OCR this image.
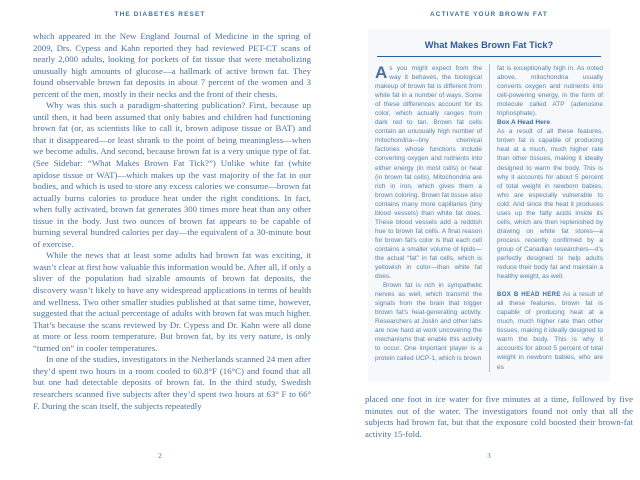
THE DIABETES RESET

which appeared in the New England Journal of Medicine in the spring of 2009, Drs. Cypess and Kahn reported they had reviewed PET-CT scans of nearly 2,000 adults, looking for pockets of fat tissue that were metabolizing unusually high amounts of glucose—a hallmark of active brown fat. They found observable brown fat deposits in about 7 percent of the women and 3 percent of the men, mostly in their necks and the front of their chests.

Why was this such a paradigm-shattering publication? First, because up until then, it had been assumed that only babies and children had functioning brown fat (or, as scientists like to call it, brown adipose tissue or BAT) and that it disappeared—or least shrank to the point of being meaningless—when we become adults. And second, because brown fat is a very unique type of fat. (See Sidebar: “What Makes Brown Fat Tick?”) Unlike white fat (white apidose tissue or WAT)—which makes up the vast majority of the fat in our bodies, and which is used to store any excess calories we consume—brown fat actually burns calories to produce heat under the right conditions. In fact, when fully activated, brown fat generates 300 times more heat than any other tissue in the body. Just two ounces of brown fat appears to be capable of burning several hundred calories per day—the equivalent of a 30-minute bout of exercise.

While the news that at least some adults had brown fat was exciting, it wasn’t clear at first how valuable this information would be. After all, if only a sliver of the population had sizable amounts of brown fat deposits, the discovery wasn’t likely to have any widespread applications in terms of health and wellness. Two other smaller studies published at that same time, however, suggested that the actual percentage of adults with brown fat was much higher. That’s because the scans reviewed by Dr. Cypess and Dr. Kahn were all done at more or less room temperature. But brown fat, by its very nature, is only “turned on” in cooler temperatures.

In one of the studies, investigators in the Netherlands scanned 24 men after they’d spent two hours in a room cooled to 60.8°F (16°C) and found that all but one had detectable deposits of brown fat. In the third study, Swedish researchers scanned five subjects after they’d spent two hours at 63° F to 66° F. During the scan itself, the subjects repeatedly

2
ACTIVATE YOUR BROWN FAT
What Makes Brown Fat Tick?

As you might expect from the way it behaves, the biological makeup of brown fat is different from white fat in a number of ways. Some of these differences account for its color, which actually ranges from dark red to tan. Brown fat cells contain an unusually high number of mitochondria—tiny chemical factories whose functions include converting oxygen and nutrients into either energy (in most cells) or heat (in brown fat cells). Mitochondria are rich in iron, which gives them a brown coloring. Brown fat tissue also contains many more capillaries (tiny blood vessels) than white fat does. These blood vessels add a reddish hue to brown fat cells. A final reason for brown fat’s color is that each cell contains a smaller volume of lipids—the actual “fat” in fat cells, which is yellowish in color—than white fat does.

Brown fat is rich in sympathetic nerves as well, which transmit the signals from the brain that trigger brown fat’s heat-generating activity. Researchers at Joslin and other labs are now hard at work uncovering the mechanisms that enable this activity to occur. One important player is a protein called UCP-1, which is brown

fat is exceptionally high in. As noted above, mitochondria usually converts oxygen and nutrients into cell-powering energy, in the form of molecule called ATP (adenosine triphosphate).

Box A Head Here

As a result of all these features, brown fat is capable of producing heat at a much, much higher rate than other tissues, making it ideally designed to warm the body. This is why it accounts for about 5 percent of total weight in newborn babies, who are especially vulnerable to cold. And since the heat it produces uses up the fatty acids inside its cells, which are then replenished by drawing on white fat stores—a process recently confirmed by a group of Canadian researchers—it’s perfectly designed to help adults reduce their body fat and maintain a healthy weight, as well.

BOX B HEAD HERE As a result of all these features, brown fat is capable of producing heat at a much, much higher rate than other tissues, making it ideally designed to warm the body. This is why it accounts for about 5 percent of total weight in newborn babies, who are es

placed one foot in ice water for five minutes at a time, followed by five minutes out of the water. The investigators found not only that all the subjects had brown fat, but that the exposure cold boosted their brown-fat activity 15-fold.

3
